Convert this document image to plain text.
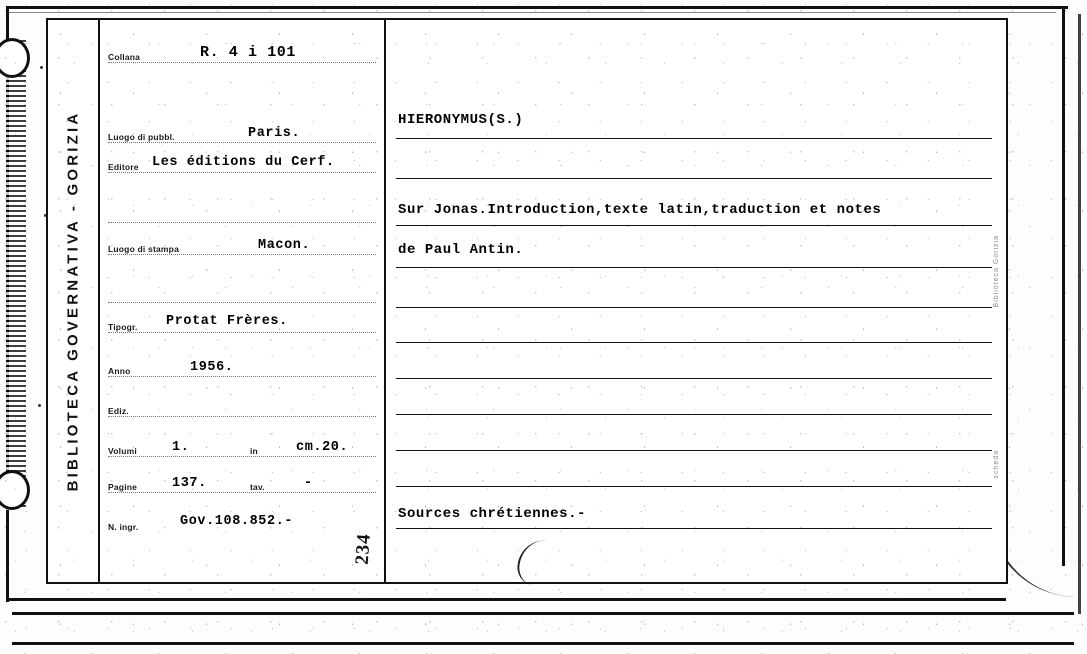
BIBLIOTECA GOVERNATIVA - GORIZIA
Collana	R. 4 i 101
Luogo di pubbl.	Paris.
Editore Les éditions du Cerf.
Luogo di stampa	Macon.
Tipogr. Protat Frères.
Anno	1956.
Ediz.
Volumi	1.	in	cm.20.
Pagine	137.	tav.	-
N. ingr.	Gov.108.852.-
HIERONYMUS(S.)
Sur Jonas.Introduction,texte latin,traduction et notes
de Paul Antin.
Sources chrétiennes.-
Biblioteca Gorizia
scheda
234
